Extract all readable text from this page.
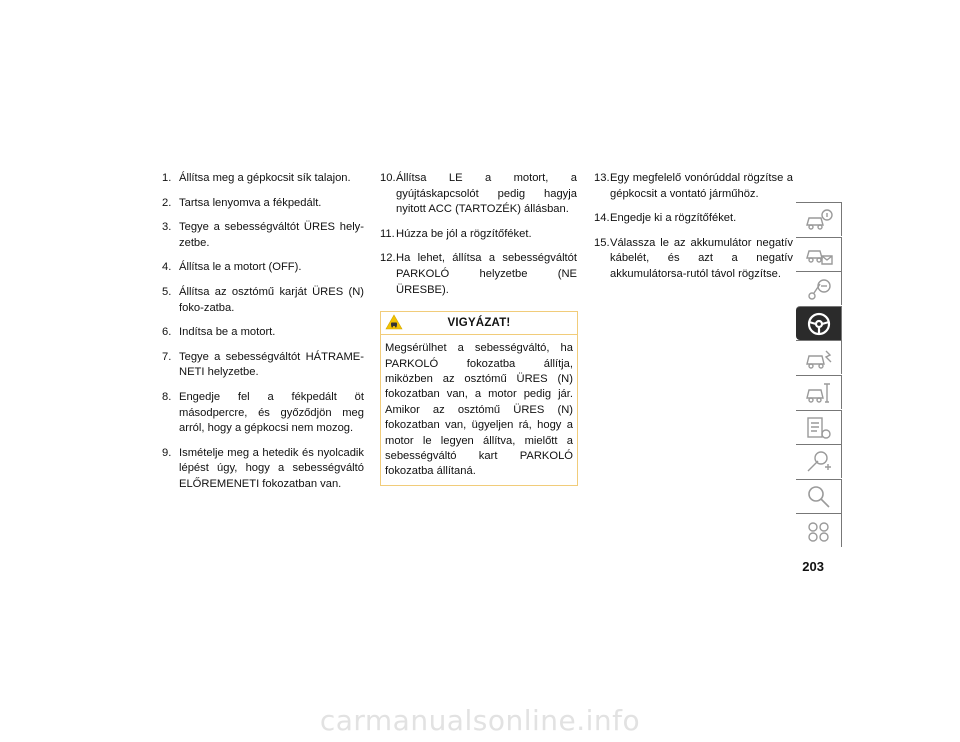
1. Állítsa meg a gépkocsit sík talajon.
2. Tartsa lenyomva a fékpedált.
3. Tegye a sebességváltót ÜRES hely-zetbe.
4. Állítsa le a motort (OFF).
5. Állítsa az osztómű karját ÜRES (N) foko-zatba.
6. Indítsa be a motort.
7. Tegye a sebességváltót HÁTRAME-NETI helyzetbe.
8. Engedje fel a fékpedált öt másodpercre, és győződjön meg arról, hogy a gépkocsi nem mozog.
9. Ismételje meg a hetedik és nyolcadik lépést úgy, hogy a sebességváltó ELŐREMENETI fokozatban van.
10. Állítsa LE a motort, a gyújtáskapcsolót pedig hagyja nyitott ACC (TARTOZÉK) állásban.
11. Húzza be jól a rögzítőféket.
12. Ha lehet, állítsa a sebességváltót PARKOLÓ helyzetbe (NE ÜRESBE).
VIGYÁZAT!
Megsérülhet a sebességváltó, ha PARKOLÓ fokozatba állítja, miközben az osztómű ÜRES (N) fokozatban van, a motor pedig jár. Amikor az osztómű ÜRES (N) fokozatban van, ügyeljen rá, hogy a motor le legyen állítva, mielőtt a sebességváltó kart PARKOLÓ fokozatba állítaná.
13. Egy megfelelő vonórúddal rögzítse a gépkocsit a vontató járműhöz.
14. Engedje ki a rögzítőféket.
15. Válassza le az akkumulátor negatív kábelét, és azt a negatív akkumulátorsa-rutól távol rögzítse.
203
carmanualsonline.info
